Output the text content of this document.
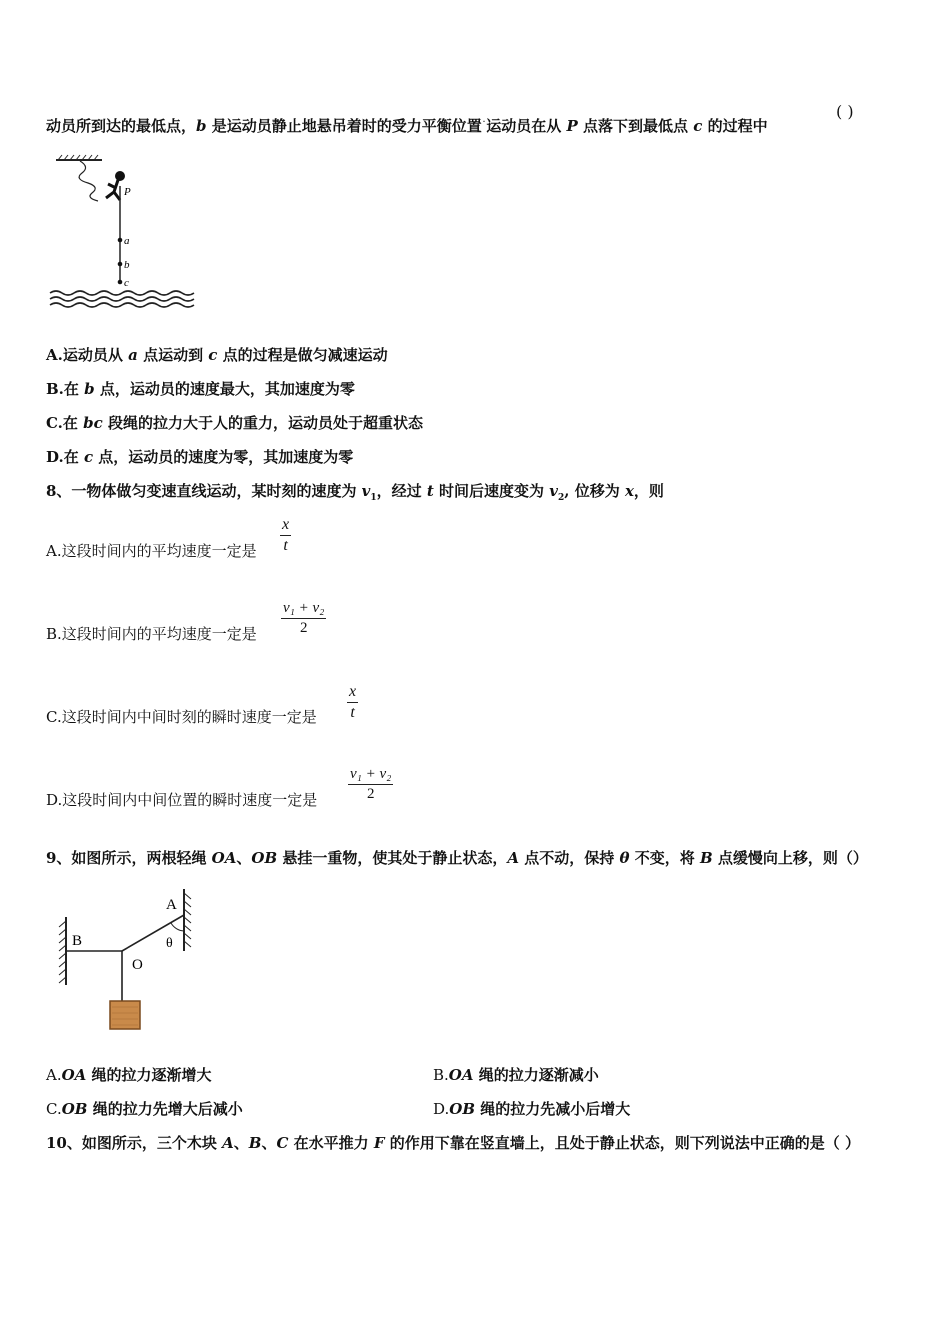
动员所到达的最低点，b 是运动员静止地悬吊着时的受力平衡位置˙运动员在从 P 点落下到最低点 c 的过程中
( )
P
a
b
c
A.运动员从 a 点运动到 c 点的过程是做匀减速运动
B.在 b 点，运动员的速度最大，其加速度为零
C.在 bc 段绳的拉力大于人的重力，运动员处于超重状态
D.在 c 点，运动员的速度为零，其加速度为零
8、一物体做匀变速直线运动，某时刻的速度为 $v_1$，经过 t 时间后速度变为 $v_2$, 位移为 x，则
A.这段时间内的平均速度一定是
x
t
B.这段时间内的平均速度一定是
v₁ + v₂
2
C.这段时间内中间时刻的瞬时速度一定是
x
t
D.这段时间内中间位置的瞬时速度一定是
v₁ + v₂
2
9、如图所示，两根轻绳 OA、OB 悬挂一重物，使其处于静止状态，A 点不动，保持 θ 不变，将 B 点缓慢向上移，则（）
A
B
O
θ
A.OA 绳的拉力逐渐增大	B.OA 绳的拉力逐渐减小
C.OB 绳的拉力先增大后减小	D.OB 绳的拉力先减小后增大
10、如图所示，三个木块 A、B、C 在水平推力 F 的作用下靠在竖直墙上，且处于静止状态，则下列说法中正确的是（ ）
